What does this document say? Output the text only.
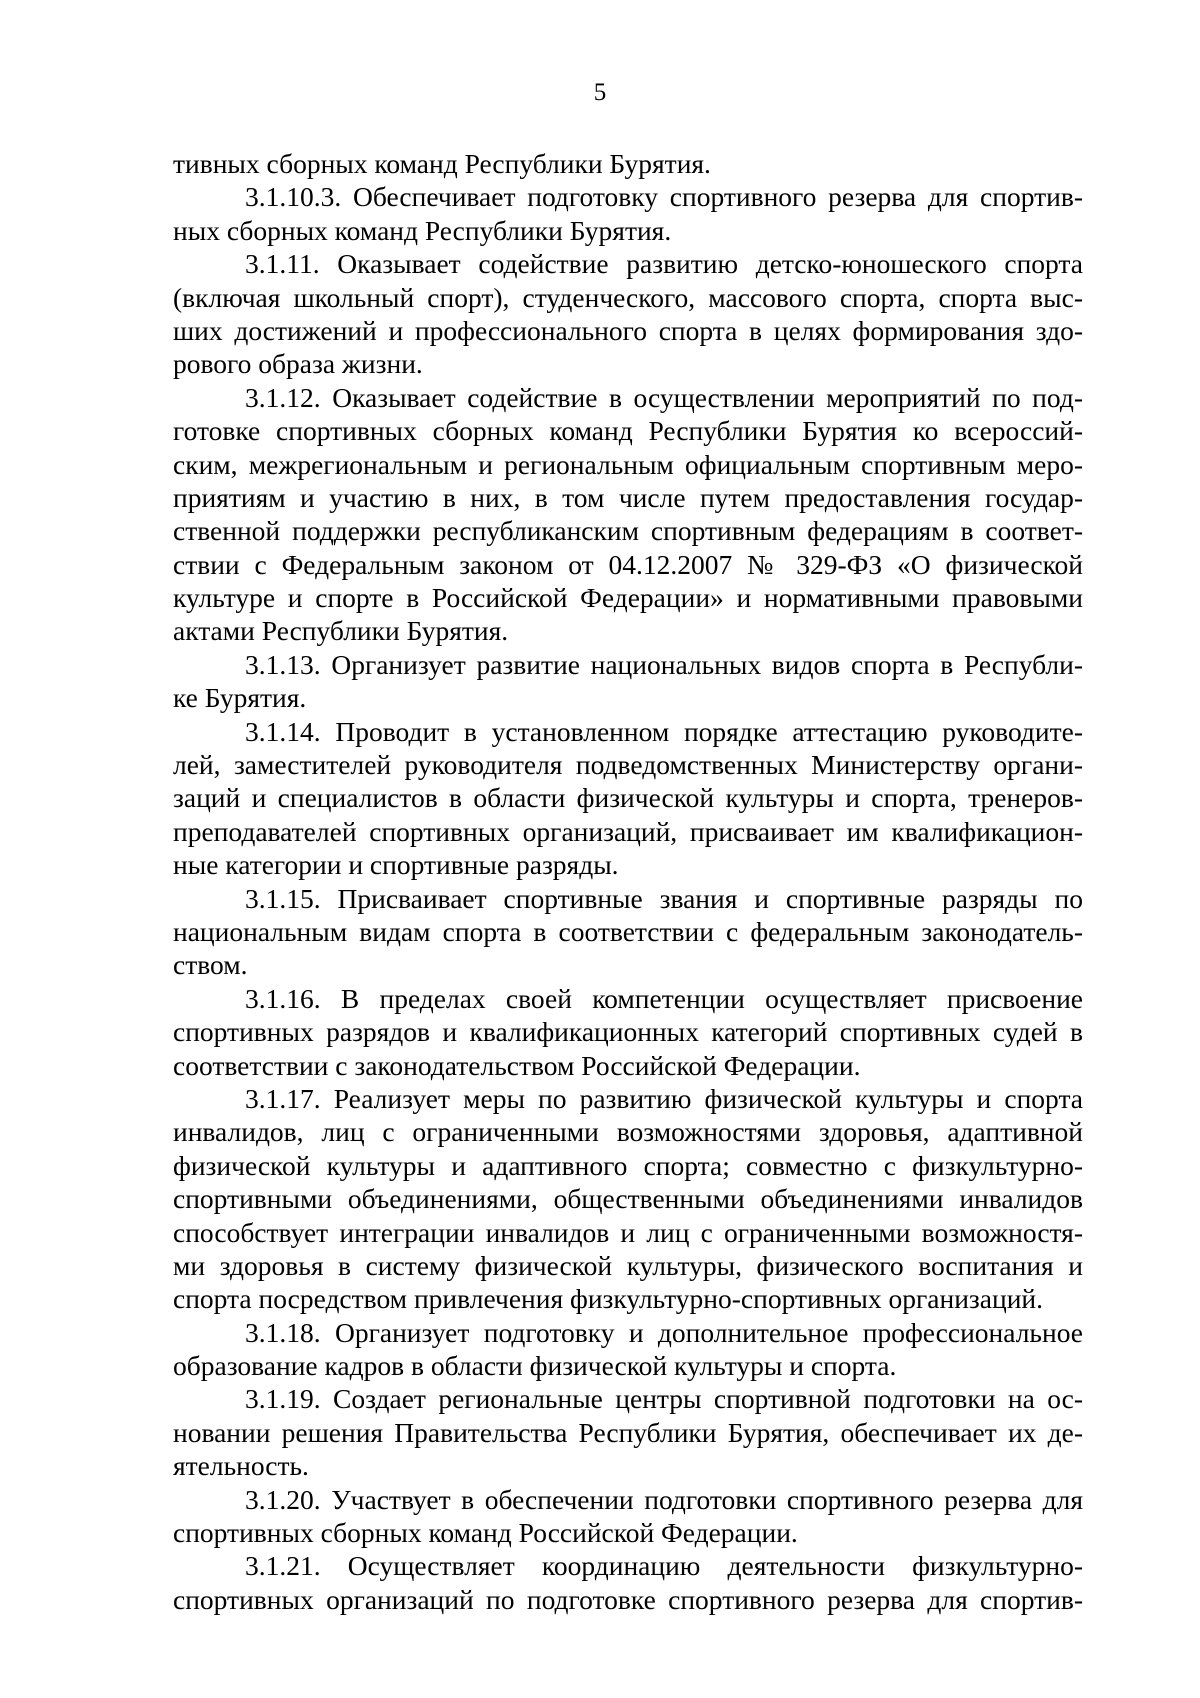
5
тивных сборных команд Республики Бурятия.
3.1.10.3. Обеспечивает подготовку спортивного резерва для спортив-
ных сборных команд Республики Бурятия.
3.1.11. Оказывает содействие развитию детско-юношеского спорта
(включая школьный спорт), студенческого, массового спорта, спорта выс-
ших достижений и профессионального спорта в целях формирования здо-
рового образа жизни.
3.1.12. Оказывает содействие в осуществлении мероприятий по под-
готовке спортивных сборных команд Республики Бурятия ко всероссий-
ским, межрегиональным и региональным официальным спортивным меро-
приятиям и участию в них, в том числе путем предоставления государ-
ственной поддержки республиканским спортивным федерациям в соответ-
ствии с Федеральным законом от 04.12.2007 № 329-ФЗ «О физической
культуре и спорте в Российской Федерации» и нормативными правовыми
актами Республики Бурятия.
3.1.13. Организует развитие национальных видов спорта в Республи-
ке Бурятия.
3.1.14. Проводит в установленном порядке аттестацию руководите-
лей, заместителей руководителя подведомственных Министерству органи-
заций и специалистов в области физической культуры и спорта, тренеров-
преподавателей спортивных организаций, присваивает им квалификацион-
ные категории и спортивные разряды.
3.1.15. Присваивает спортивные звания и спортивные разряды по
национальным видам спорта в соответствии с федеральным законодатель-
ством.
3.1.16. В пределах своей компетенции осуществляет присвоение
спортивных разрядов и квалификационных категорий спортивных судей в
соответствии с законодательством Российской Федерации.
3.1.17. Реализует меры по развитию физической культуры и спорта
инвалидов, лиц с ограниченными возможностями здоровья, адаптивной
физической культуры и адаптивного спорта; совместно с физкультурно-
спортивными объединениями, общественными объединениями инвалидов
способствует интеграции инвалидов и лиц с ограниченными возможностя-
ми здоровья в систему физической культуры, физического воспитания и
спорта посредством привлечения физкультурно-спортивных организаций.
3.1.18. Организует подготовку и дополнительное профессиональное
образование кадров в области физической культуры и спорта.
3.1.19. Создает региональные центры спортивной подготовки на ос-
новании решения Правительства Республики Бурятия, обеспечивает их де-
ятельность.
3.1.20. Участвует в обеспечении подготовки спортивного резерва для
спортивных сборных команд Российской Федерации.
3.1.21. Осуществляет координацию деятельности физкультурно-
спортивных организаций по подготовке спортивного резерва для спортив-
